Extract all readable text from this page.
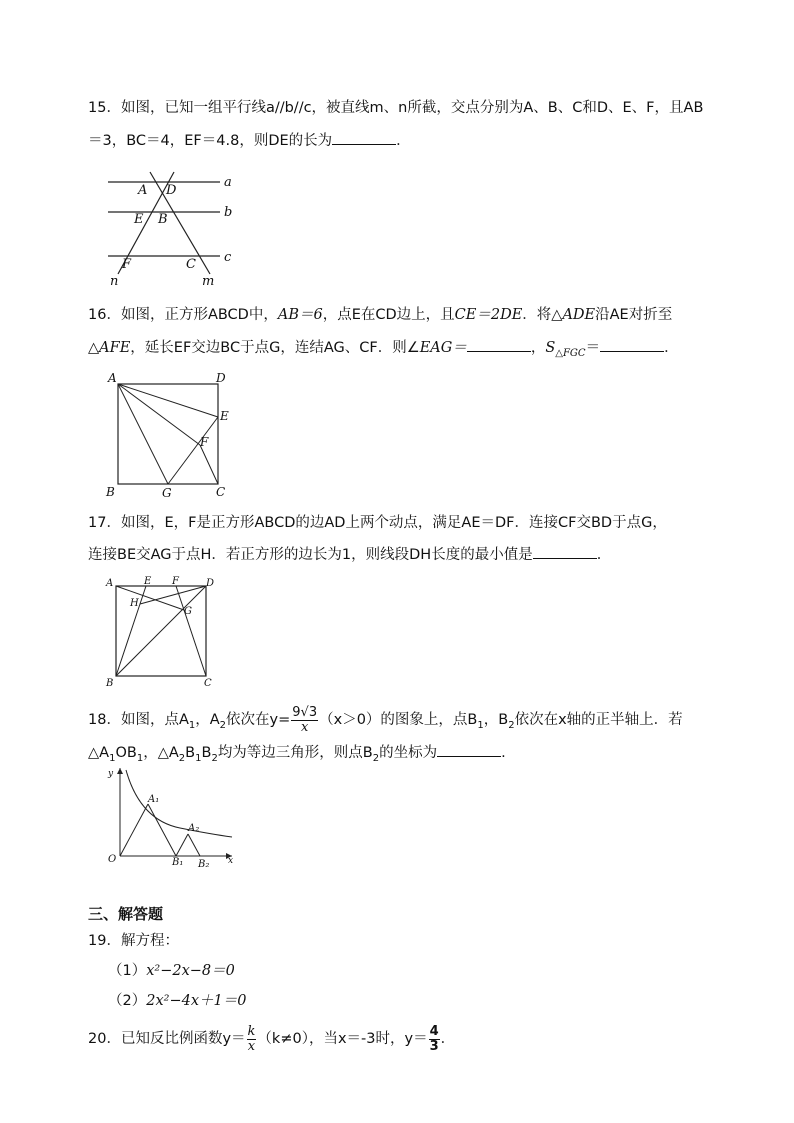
15．如图，已知一组平行线a//b//c，被直线m、n所截，交点分别为A、B、C和D、E、F，且AB
＝3，BC＝4，EF＝4.8，则DE的长为	．
A D
E B
F	C
a
b
c
n	m
16．如图，正方形ABCD中，AB＝6，点E在CD边上，且CE＝2DE．将△ADE沿AE对折至
△AFE，延长EF交边BC于点G，连结AG、CF．则∠EAG＝	，$S_{\triangle FGC}=$	．
A	D
E
F
B	G	C
17．如图，E，F是正方形ABCD的边AD上两个动点，满足AE＝DF．连接CF交BD于点G，
连接BE交AG于点H．若正方形的边长为1，则线段DH长度的最小值是	．
A	E F	D
H
G
B	C
18．如图，点$A_1$，$A_2$依次在$y= \frac{9√3}{x} (x>0)$的图象上，点$B_1$，$B_2$依次在x轴的正半轴上．若
$\triangle A_1OB_1$，$\triangle A_2B_1B_2$均为等边三角形，则点$B_2$的坐标为	.
y
x
O
A₁
A₂
B₁ B₂
三、解答题
19．解方程：
（1）x²−2x−8＝0
（2）2x²−4x＋1＝0
20．已知反比例函数$y= \frac{k}{x} (k\ne 0)$，当x＝-3时，$y= \frac{4}{3}$ ．
